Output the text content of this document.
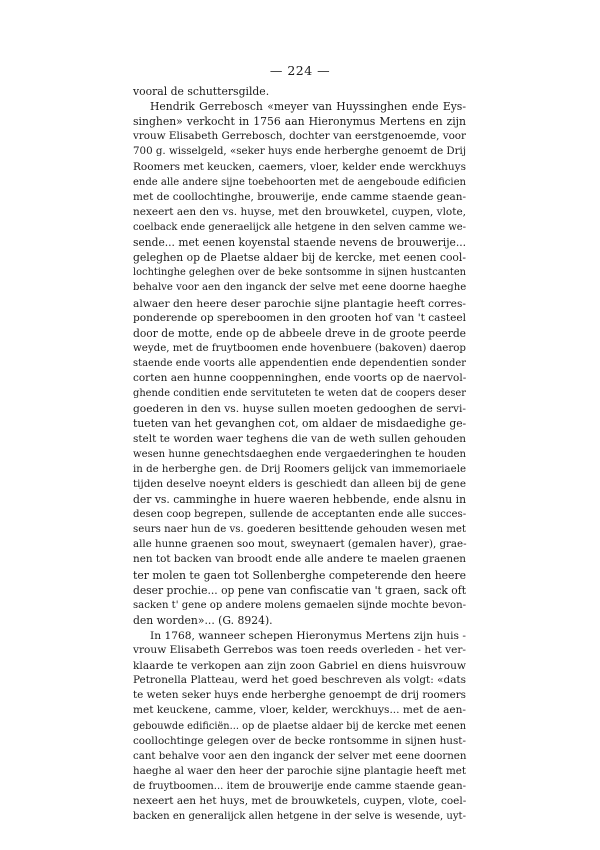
— 224 —
vooral de schuttersgilde.
Hendrik Gerrebosch «meyer van Huyssinghen ende Eys-
singhen» verkocht in 1756 aan Hieronymus Mertens en zijn
vrouw Elisabeth Gerrebosch, dochter van eerstgenoemde, voor
700 g. wisselgeld, «seker huys ende herberghe genoemt de Drij
Roomers met keucken, caemers, vloer, kelder ende werckhuys
ende alle andere sijne toebehoorten met de aengeboude edificien
met de coollochtinghe, brouwerije, ende camme staende gean-
nexeert aen den vs. huyse, met den brouwketel, cuypen, vlote,
coelback ende generaelijck alle hetgene in den selven camme we-
sende... met eenen koyenstal staende nevens de brouwerije...
geleghen op de Plaetse aldaer bij de kercke, met eenen cool-
lochtinghe geleghen over de beke sontsomme in sijnen hustcanten
behalve voor aen den inganck der selve met eene doorne haeghe
alwaer den heere deser parochie sijne plantagie heeft corres-
ponderende op spereboomen in den grooten hof van 't casteel
door de motte, ende op de abbeele dreve in de groote peerde
weyde, met de fruytboomen ende hovenbuere (bakoven) daerop
staende ende voorts alle appendentien ende dependentien sonder
corten aen hunne cooppenninghen, ende voorts op de naervol-
ghende conditien ende servituteten te weten dat de coopers deser
goederen in den vs. huyse sullen moeten gedooghen de servi-
tueten van het gevanghen cot, om aldaer de misdaedighe ge-
stelt te worden waer teghens die van de weth sullen gehouden
wesen hunne genechtsdaeghen ende vergaederinghen te houden
in de herberghe gen. de Drij Roomers gelijck van immemoriaele
tijden deselve noeynt elders is geschiedt dan alleen bij de gene
der vs. camminghe in huere waeren hebbende, ende alsnu in
desen coop begrepen, sullende de acceptanten ende alle succes-
seurs naer hun de vs. goederen besittende gehouden wesen met
alle hunne graenen soo mout, sweynaert (gemalen haver), grae-
nen tot backen van broodt ende alle andere te maelen graenen
ter molen te gaen tot Sollenberghe competerende den heere
deser prochie... op pene van confiscatie van 't graen, sack oft
sacken t' gene op andere molens gemaelen sijnde mochte bevon-
den worden»... (G. 8924).
In 1768, wanneer schepen Hieronymus Mertens zijn huis -
vrouw Elisabeth Gerrebos was toen reeds overleden - het ver-
klaarde te verkopen aan zijn zoon Gabriel en diens huisvrouw
Petronella Platteau, werd het goed beschreven als volgt: «dats
te weten seker huys ende herberghe genoempt de drij roomers
met keuckene, camme, vloer, kelder, werckhuys... met de aen-
gebouwde edificiën... op de plaetse aldaer bij de kercke met eenen
coollochtinge gelegen over de becke rontsomme in sijnen hust-
cant behalve voor aen den inganck der selver met eene doornen
haeghe al waer den heer der parochie sijne plantagie heeft met
de fruytboomen... item de brouwerije ende camme staende gean-
nexeert aen het huys, met de brouwketels, cuypen, vlote, coel-
backen en generalijck allen hetgene in der selve is wesende, uyt-
